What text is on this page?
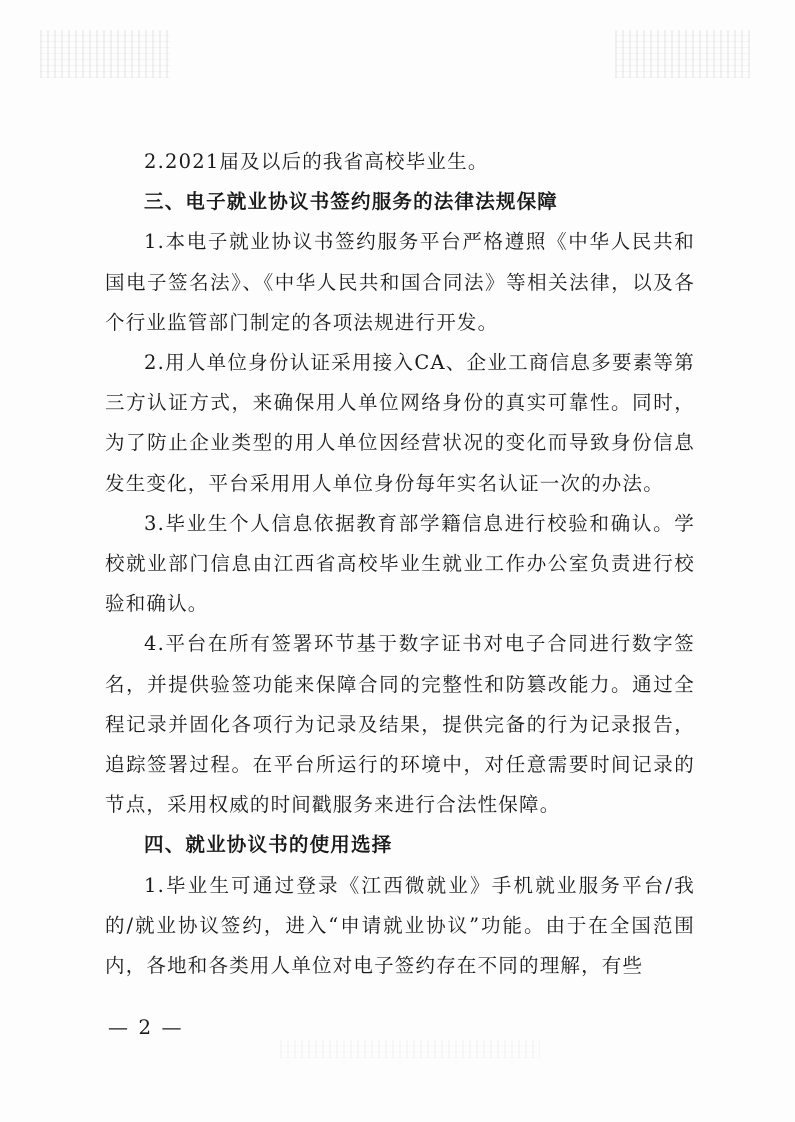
2.2021届及以后的我省高校毕业生。

三、电子就业协议书签约服务的法律法规保障

1.本电子就业协议书签约服务平台严格遵照《中华人民共和国电子签名法》、《中华人民共和国合同法》等相关法律，以及各个行业监管部门制定的各项法规进行开发。

2.用人单位身份认证采用接入CA、企业工商信息多要素等第三方认证方式，来确保用人单位网络身份的真实可靠性。同时，为了防止企业类型的用人单位因经营状况的变化而导致身份信息发生变化，平台采用用人单位身份每年实名认证一次的办法。

3.毕业生个人信息依据教育部学籍信息进行校验和确认。学校就业部门信息由江西省高校毕业生就业工作办公室负责进行校验和确认。

4.平台在所有签署环节基于数字证书对电子合同进行数字签名，并提供验签功能来保障合同的完整性和防篡改能力。通过全程记录并固化各项行为记录及结果，提供完备的行为记录报告，追踪签署过程。在平台所运行的环境中，对任意需要时间记录的节点，采用权威的时间戳服务来进行合法性保障。

四、就业协议书的使用选择

1.毕业生可通过登录《江西微就业》手机就业服务平台/我的/就业协议签约，进入“申请就业协议”功能。由于在全国范围内，各地和各类用人单位对电子签约存在不同的理解，有些

— 2 —
